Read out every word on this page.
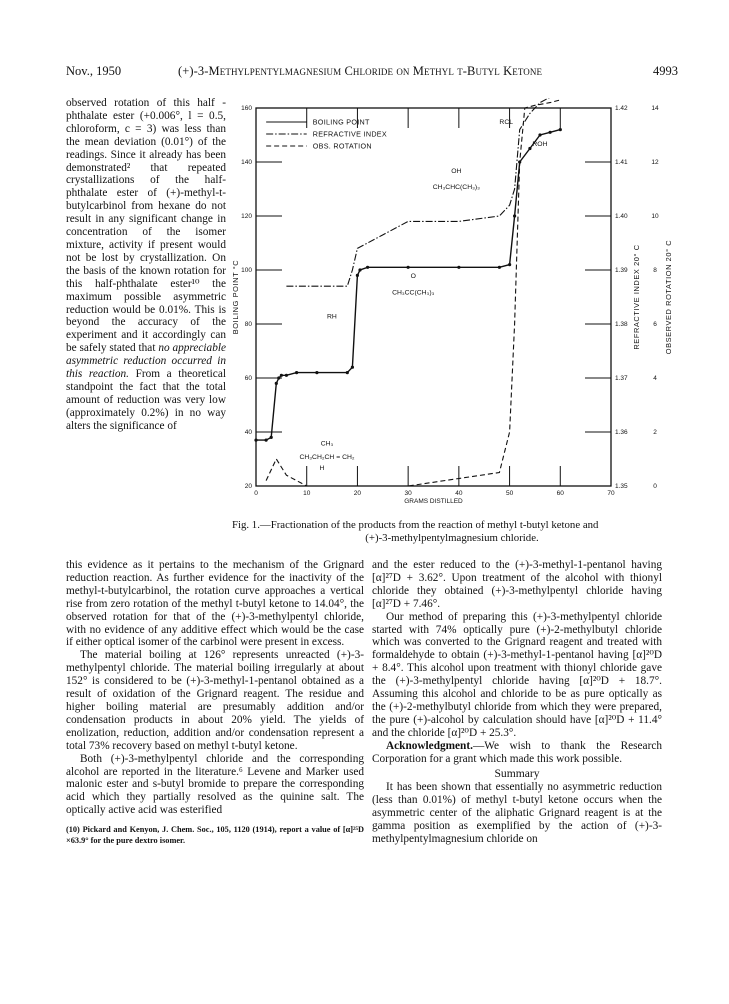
Nov., 1950	(+)-3-Methylpentylmagnesium Chloride on Methyl t-Butyl Ketone	4993

observed rotation of this half - phthalate ester (+0.006°, l = 0.5, chloroform, c = 3) was less than the mean deviation (0.01°) of the readings. Since it already has been demonstrated² that repeated crystallizations of the half-phthalate ester of (+)-methyl-t-butylcarbinol from hexane do not result in any significant change in concentration of the isomer mixture, activity if present would not be lost by crystallization. On the basis of the known rotation for this half-phthalate ester¹⁰ the maximum possible asymmetric reduction would be 0.01%. This is beyond the accuracy of the experiment and it accordingly can be safely stated that no appreciable asymmetric reduction occurred in this reaction. From a theoretical standpoint the fact that the total amount of reduction was very low (approximately 0.2%) in no way alters the significance of

20	1.35	0
40	1.36	2
60	1.37	4
80	1.38	6
100	1.39	8
120	1.40	10
140	1.41	12
160	1.42	14
0	10	20	30	40	50	60	70
GRAMS DISTILLED
BOILING POINT °C	REFRACTIVE INDEX 20° C	OBSERVED ROTATION 20° C
BOILING POINT
REFRACTIVE INDEX
OBS. ROTATION
RCL
ROH
RH
OH
CH₃CHC(CH₃)₃
O
CH₃CC(CH₃)₃
CH₃
CH₃CH₂CH = CH₂
H
Fig. 1.—Fractionation of the products from the reaction of methyl t-butyl ketone and
(+)-3-methylpentylmagnesium chloride.

this evidence as it pertains to the mechanism of the Grignard reduction reaction. As further evidence for the inactivity of the methyl-t-butylcarbinol, the rotation curve approaches a vertical rise from zero rotation of the methyl t-butyl ketone to 14.04°, the observed rotation for that of the (+)-3-methylpentyl chloride, with no evidence of any additive effect which would be the case if either optical isomer of the carbinol were present in excess.

The material boiling at 126° represents unreacted (+)-3-methylpentyl chloride. The material boiling irregularly at about 152° is considered to be (+)-3-methyl-1-pentanol obtained as a result of oxidation of the Grignard reagent. The residue and higher boiling material are presumably addition and/or condensation products in about 20% yield. The yields of enolization, reduction, addition and/or condensation represent a total 73% recovery based on methyl t-butyl ketone.

Both (+)-3-methylpentyl chloride and the corresponding alcohol are reported in the literature.⁶ Levene and Marker used malonic ester and s-butyl bromide to prepare the corresponding acid which they partially resolved as the quinine salt. The optically active acid was esterified

(10) Pickard and Kenyon, J. Chem. Soc., 105, 1120 (1914), report a value of [α]²⁵D ×63.9° for the pure dextro isomer.

and the ester reduced to the (+)-3-methyl-1-pentanol having [α]²⁷D + 3.62°. Upon treatment of the alcohol with thionyl chloride they obtained (+)-3-methylpentyl chloride having [α]²⁷D + 7.46°.

Our method of preparing this (+)-3-methylpentyl chloride started with 74% optically pure (+)-2-methylbutyl chloride which was converted to the Grignard reagent and treated with formaldehyde to obtain (+)-3-methyl-1-pentanol having [α]²⁰D + 8.4°. This alcohol upon treatment with thionyl chloride gave the (+)-3-methylpentyl chloride having [α]²⁰D + 18.7°. Assuming this alcohol and chloride to be as pure optically as the (+)-2-methylbutyl chloride from which they were prepared, the pure (+)-alcohol by calculation should have [α]²⁰D + 11.4° and the chloride [α]²⁰D + 25.3°.

Acknowledgment.—We wish to thank the Research Corporation for a grant which made this work possible.

Summary

It has been shown that essentially no asymmetric reduction (less than 0.01%) of methyl t-butyl ketone occurs when the asymmetric center of the aliphatic Grignard reagent is at the gamma position as exemplified by the action of (+)-3-methylpentylmagnesium chloride on
